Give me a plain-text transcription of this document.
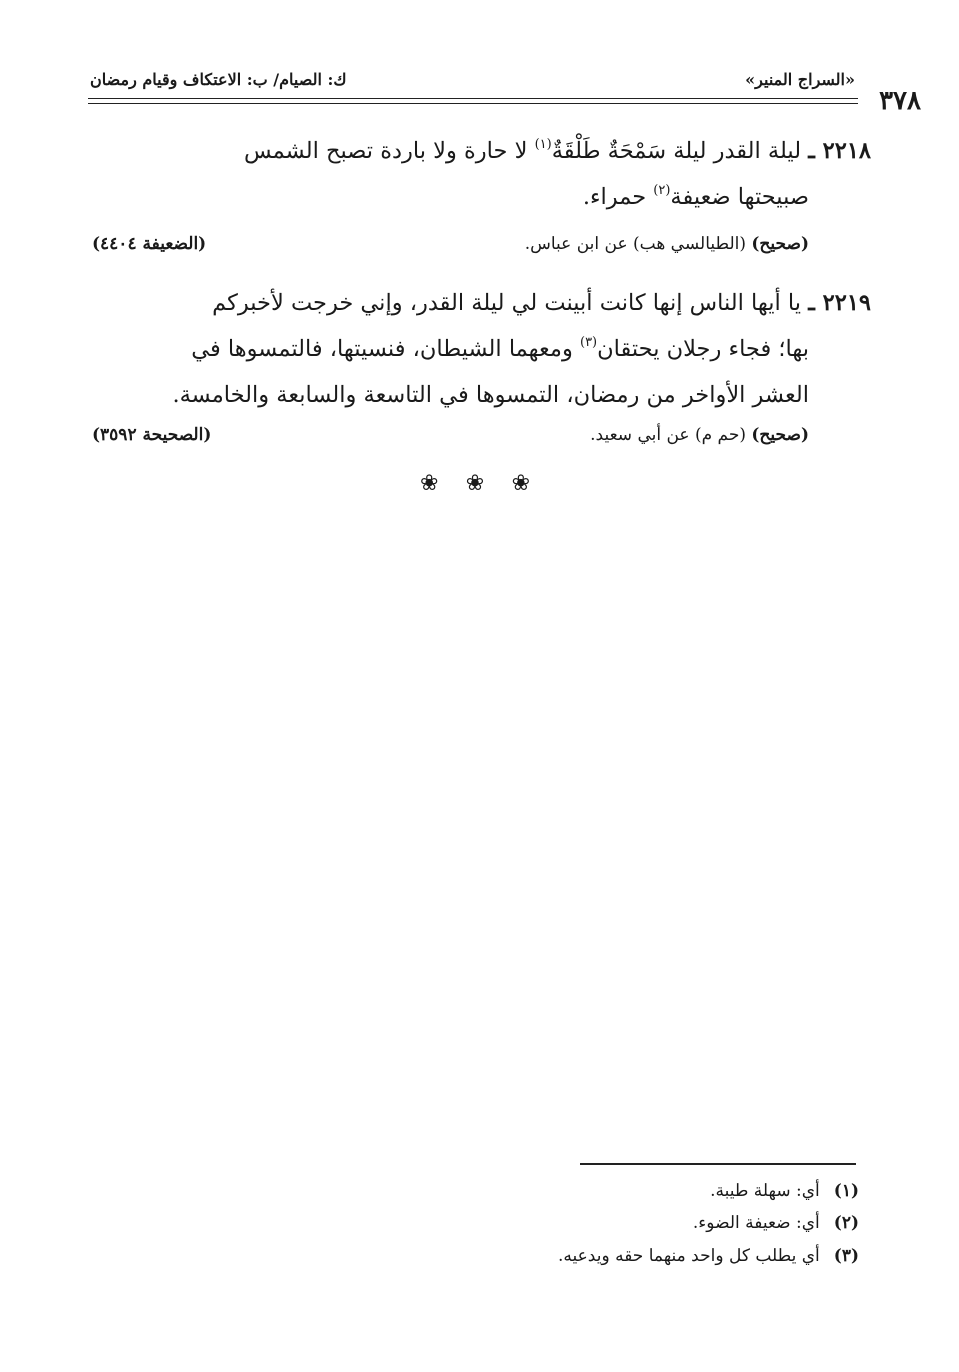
«السراج المنير»
ك: الصيام/ ب: الاعتكاف وقيام رمضان
٣٧٨
٢٢١٨ ـ ليلة القدر ليلة سَمْحَةٌ طَلْقَةٌ$^{(١)}$ لا حارة ولا باردة تصبح الشمس
صبيحتها ضعيفة$^{(٢)}$ حمراء.
(صحيح) (الطيالسي هب) عن ابن عباس.
(الضعيفة ٤٤٠٤)
٢٢١٩ ـ يا أيها الناس إنها كانت أبينت لي ليلة القدر، وإني خرجت لأخبركم
بها؛ فجاء رجلان يحتقان$^{(٣)}$ ومعهما الشيطان، فنسيتها، فالتمسوها في
العشر الأواخر من رمضان، التمسوها في التاسعة والسابعة والخامسة.
(صحيح) (حم م) عن أبي سعيد.
(الصحيحة ٣٥٩٢)
❀ ❀ ❀
(١)أي: سهلة طيبة.
(٢)أي: ضعيفة الضوء.
(٣)أي يطلب كل واحد منهما حقه ويدعيه.
